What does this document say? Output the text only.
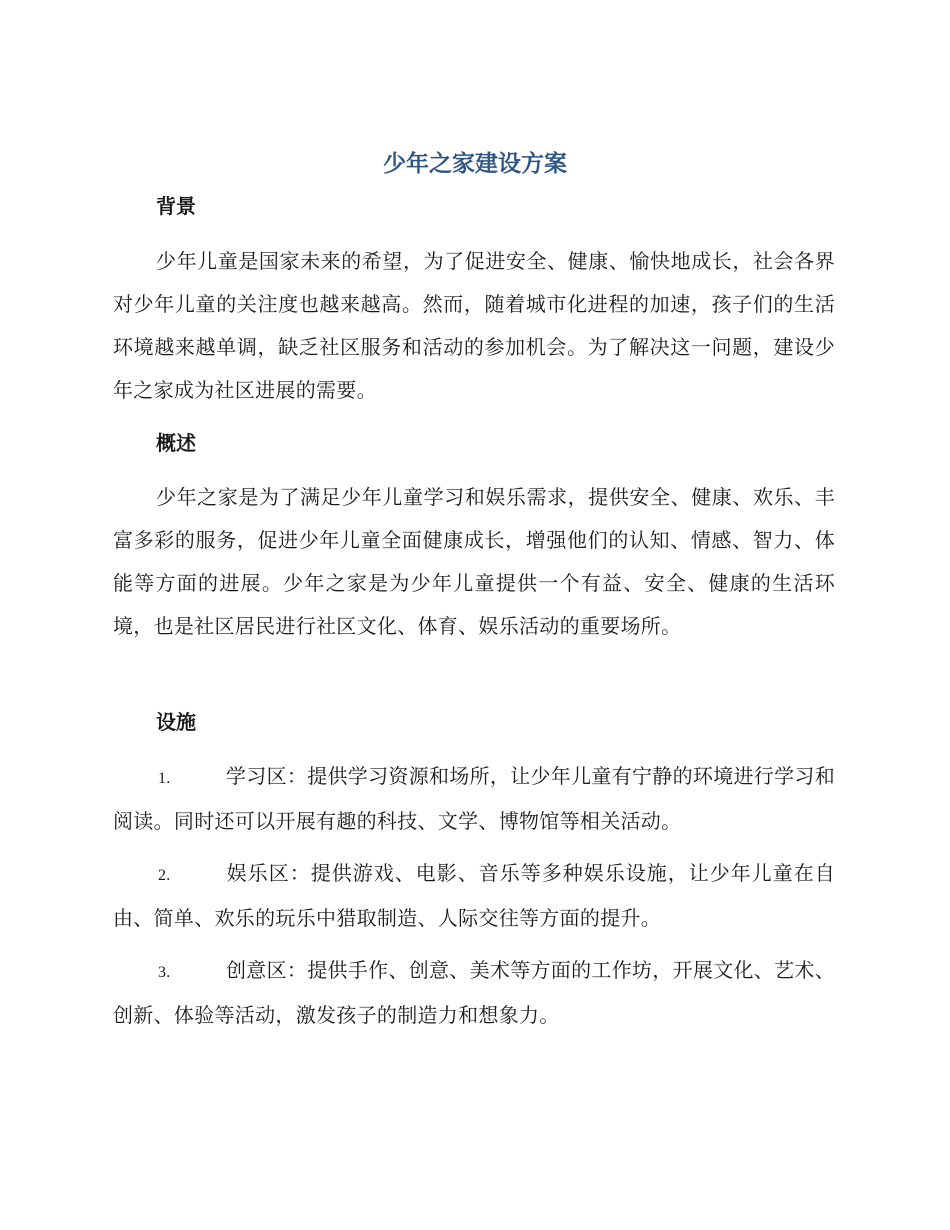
少年之家建设方案
背景

少年儿童是国家未来的希望，为了促进安全、健康、愉快地成长，社会各界对少年儿童的关注度也越来越高。然而，随着城市化进程的加速，孩子们的生活环境越来越单调，缺乏社区服务和活动的参加机会。为了解决这一问题，建设少年之家成为社区进展的需要。

概述

少年之家是为了满足少年儿童学习和娱乐需求，提供安全、健康、欢乐、丰富多彩的服务，促进少年儿童全面健康成长，增强他们的认知、情感、智力、体能等方面的进展。少年之家是为少年儿童提供一个有益、安全、健康的生活环境，也是社区居民进行社区文化、体育、娱乐活动的重要场所。

设施

1.	学习区：提供学习资源和场所，让少年儿童有宁静的环境进行学习和阅读。同时还可以开展有趣的科技、文学、博物馆等相关活动。

2.	娱乐区：提供游戏、电影、音乐等多种娱乐设施，让少年儿童在自由、简单、欢乐的玩乐中猎取制造、人际交往等方面的提升。

3.	创意区：提供手作、创意、美术等方面的工作坊，开展文化、艺术、创新、体验等活动，激发孩子的制造力和想象力。
